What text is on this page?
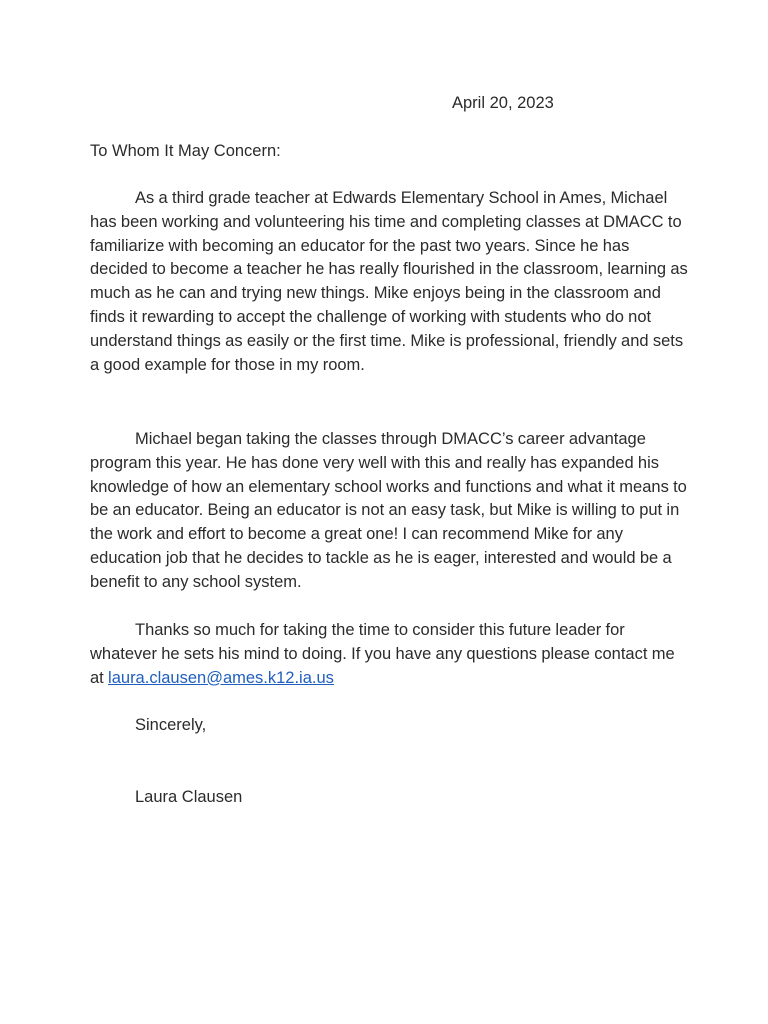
April 20, 2023
To Whom It May Concern:

As a third grade teacher at Edwards Elementary School in Ames, Michael has been working and volunteering his time and completing classes at DMACC to familiarize with becoming an educator for the past two years. Since he has decided to become a teacher he has really flourished in the classroom, learning as much as he can and trying new things. Mike enjoys being in the classroom and finds it rewarding to accept the challenge of working with students who do not understand things as easily or the first time. Mike is professional, friendly and sets a good example for those in my room.

Michael began taking the classes through DMACC’s career advantage program this year. He has done very well with this and really has expanded his knowledge of how an elementary school works and functions and what it means to be an educator. Being an educator is not an easy task, but Mike is willing to put in the work and effort to become a great one! I can recommend Mike for any education job that he decides to tackle as he is eager, interested and would be a benefit to any school system.

Thanks so much for taking the time to consider this future leader for whatever he sets his mind to doing. If you have any questions please contact me at laura.clausen@ames.k12.ia.us

Sincerely,
Laura Clausen
